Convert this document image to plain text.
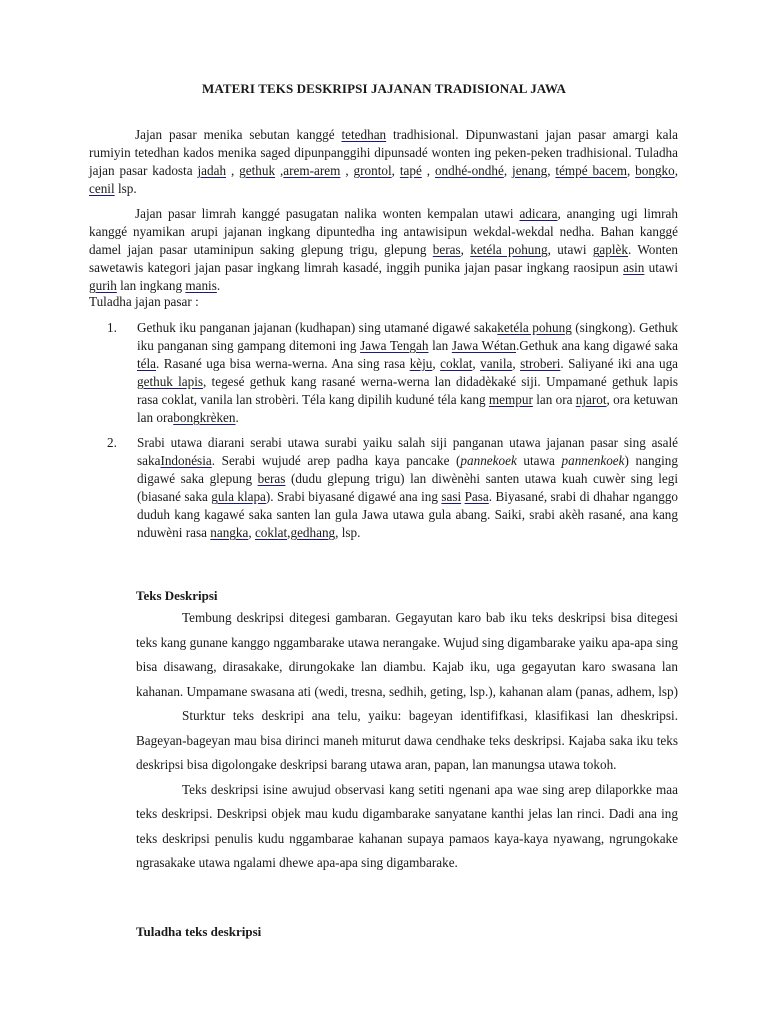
MATERI TEKS DESKRIPSI JAJANAN TRADISIONAL JAWA

Jajan pasar menika sebutan kanggé tetedhan tradhisional. Dipunwastani jajan pasar amargi kala rumiyin tetedhan kados menika saged dipunpanggihi dipunsadé wonten ing peken-peken tradhisional. Tuladha jajan pasar kadosta jadah , gethuk ,arem-arem , grontol, tapé , ondhé-ondhé, jenang, témpé bacem, bongko, cenil lsp.

Jajan pasar limrah kanggé pasugatan nalika wonten kempalan utawi adicara, ananging ugi limrah kanggé nyamikan arupi jajanan ingkang dipuntedha ing antawisipun wekdal-wekdal nedha. Bahan kanggé damel jajan pasar utaminipun saking glepung trigu, glepung beras, ketéla pohung, utawi gaplèk. Wonten sawetawis kategori jajan pasar ingkang limrah kasadé, inggih punika jajan pasar ingkang raosipun asin utawi gurih lan ingkang manis.

Tuladha jajan pasar :
1. Gethuk iku panganan jajanan (kudhapan) sing utamané digawé sakaketéla pohung (singkong). Gethuk iku panganan sing gampang ditemoni ing Jawa Tengah lan Jawa Wétan.Gethuk ana kang digawé saka téla. Rasané uga bisa werna-werna. Ana sing rasa kèju, coklat, vanila, stroberi. Saliyané iki ana uga gethuk lapis, tegesé gethuk kang rasané werna-werna lan didadèkaké siji. Umpamané gethuk lapis rasa coklat, vanila lan strobèri. Téla kang dipilih kuduné téla kang mempur lan ora njarot, ora ketuwan lan orabongkrèken.

2. Srabi utawa diarani serabi utawa surabi yaiku salah siji panganan utawa jajanan pasar sing asalé sakaIndonésia. Serabi wujudé arep padha kaya pancake (pannekoek utawa pannenkoek) nanging digawé saka glepung beras (dudu glepung trigu) lan diwènèhi santen utawa kuah cuwèr sing legi (biasané saka gula klapa). Srabi biyasané digawé ana ing sasi Pasa. Biyasané, srabi di dhahar nganggo duduh kang kagawé saka santen lan gula Jawa utawa gula abang. Saiki, srabi akèh rasané, ana kang nduwèni rasa nangka, coklat,gedhang, lsp.

Teks Deskripsi

Tembung deskripsi ditegesi gambaran. Gegayutan karo bab iku teks deskripsi bisa ditegesi teks kang gunane kanggo nggambarake utawa nerangake. Wujud sing digambarake yaiku apa-apa sing bisa disawang, dirasakake, dirungokake lan diambu. Kajab iku, uga gegayutan karo swasana lan kahanan. Umpamane swasana ati (wedi, tresna, sedhih, geting, lsp.), kahanan alam (panas, adhem, lsp)

Sturktur teks deskripi ana telu, yaiku: bageyan identififkasi, klasifikasi lan dheskripsi. Bageyan-bageyan mau bisa dirinci maneh miturut dawa cendhake teks deskripsi. Kajaba saka iku teks deskripsi bisa digolongake deskripsi barang utawa aran, papan, lan manungsa utawa tokoh.

Teks deskripsi isine awujud observasi kang setiti ngenani apa wae sing arep dilaporkke maa teks deskripsi. Deskripsi objek mau kudu digambarake sanyatane kanthi jelas lan rinci. Dadi ana ing teks deskripsi penulis kudu nggambarae kahanan supaya pamaos kaya-kaya nyawang, ngrungokake ngrasakake utawa ngalami dhewe apa-apa sing digambarake.

Tuladha teks deskripsi
